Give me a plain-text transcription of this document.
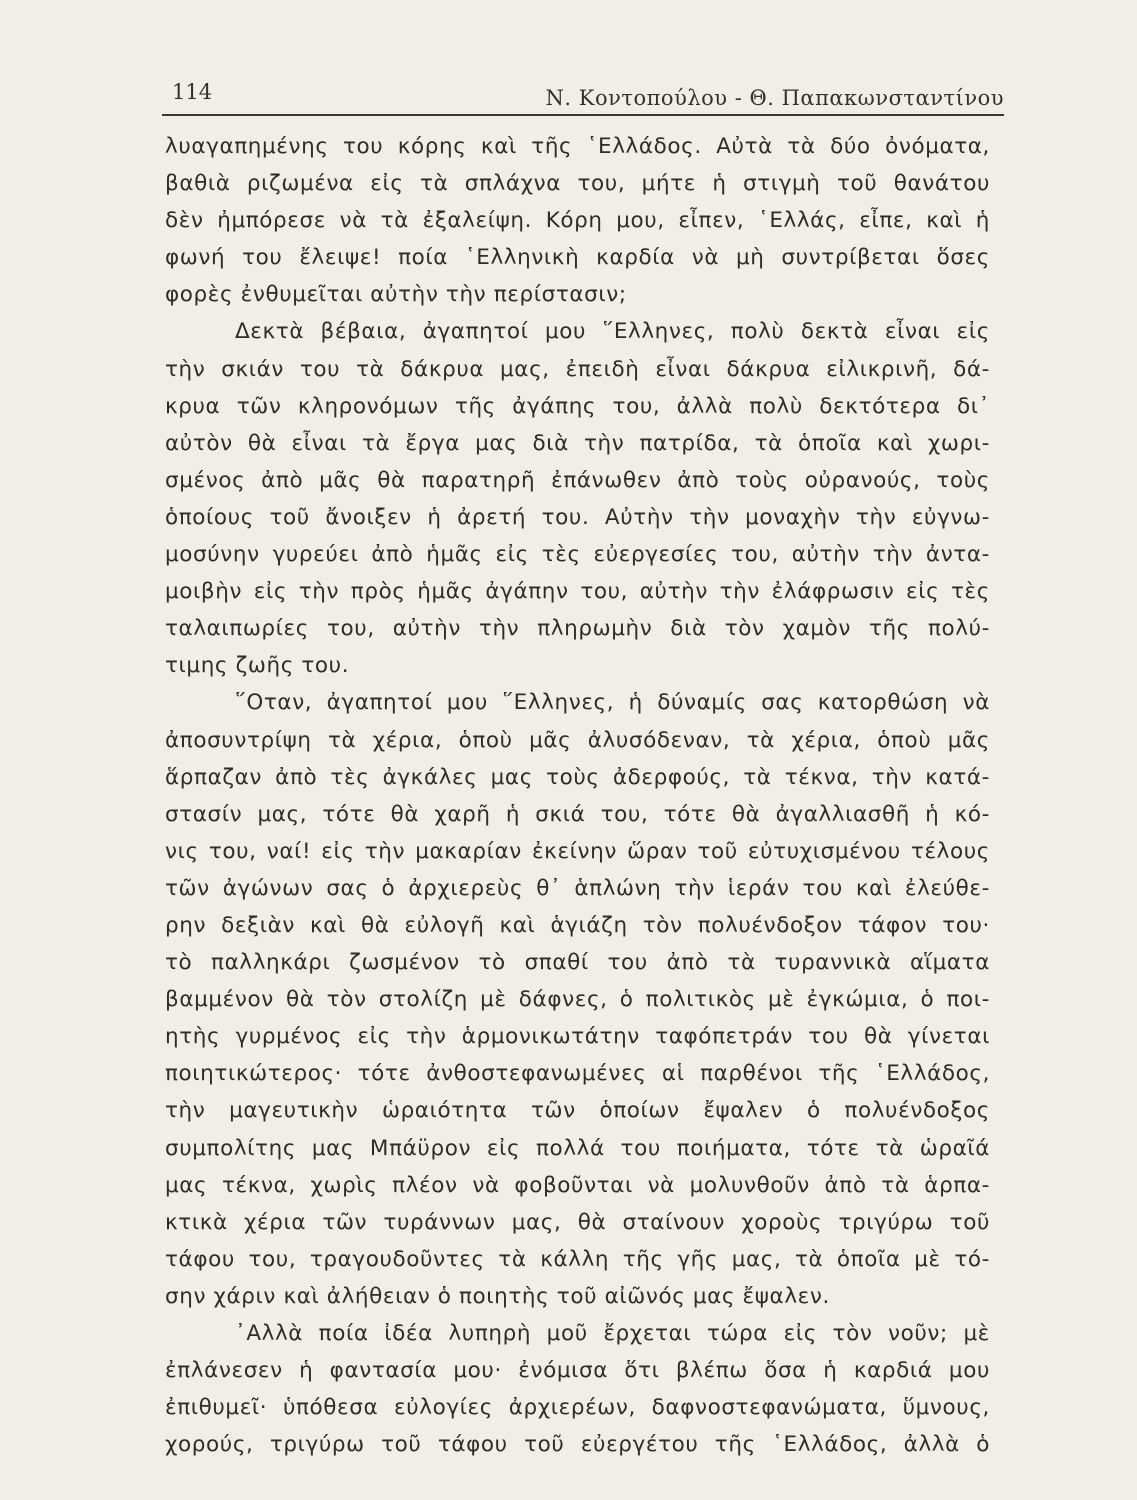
114	Ν. Κοντοπούλου - Θ. Παπακωνσταντίνου
λυαγαπημένης του κόρης καὶ τῆς ῾Ελλάδος. Αὐτὰ τὰ δύο ὀνόματα,
βαθιὰ ριζωμένα εἰς τὰ σπλάχνα του, μήτε ἡ στιγμὴ τοῦ θανάτου
δὲν ἠμπόρεσε νὰ τὰ ἐξαλείψη. Κόρη μου, εἶπεν, ῾Ελλάς, εἶπε, καὶ ἡ
φωνή του ἔλειψε! ποία ῾Ελληνικὴ καρδία νὰ μὴ συντρίβεται ὅσες
φορὲς ἐνθυμεῖται αὐτὴν τὴν περίστασιν;
Δεκτὰ βέβαια, ἀγαπητοί μου ῞Ελληνες, πολὺ δεκτὰ εἶναι εἰς
τὴν σκιάν του τὰ δάκρυα μας, ἐπειδὴ εἶναι δάκρυα εἰλικρινῆ, δά-
κρυα τῶν κληρονόμων τῆς ἀγάπης του, ἀλλὰ πολὺ δεκτότερα δι᾿
αὐτὸν θὰ εἶναι τὰ ἔργα μας διὰ τὴν πατρίδα, τὰ ὁποῖα καὶ χωρι-
σμένος ἀπὸ μᾶς θὰ παρατηρῆ ἐπάνωθεν ἀπὸ τοὺς οὐρανούς, τοὺς
ὁποίους τοῦ ἄνοιξεν ἡ ἀρετή του. Αὐτὴν τὴν μοναχὴν τὴν εὐγνω-
μοσύνην γυρεύει ἀπὸ ἡμᾶς εἰς τὲς εὐεργεσίες του, αὐτὴν τὴν ἀντα-
μοιβὴν εἰς τὴν πρὸς ἡμᾶς ἀγάπην του, αὐτὴν τὴν ἐλάφρωσιν εἰς τὲς
ταλαιπωρίες του, αὐτὴν τὴν πληρωμὴν διὰ τὸν χαμὸν τῆς πολύ-
τιμης ζωῆς του.
῞Οταν, ἀγαπητοί μου ῞Ελληνες, ἡ δύναμίς σας κατορθώση νὰ
ἀποσυντρίψη τὰ χέρια, ὁποὺ μᾶς ἀλυσόδεναν, τὰ χέρια, ὁποὺ μᾶς
ἅρπαζαν ἀπὸ τὲς ἀγκάλες μας τοὺς ἀδερφούς, τὰ τέκνα, τὴν κατά-
στασίν μας, τότε θὰ χαρῆ ἡ σκιά του, τότε θὰ ἀγαλλιασθῆ ἡ κό-
νις του, ναί! εἰς τὴν μακαρίαν ἐκείνην ὥραν τοῦ εὐτυχισμένου τέλους
τῶν ἀγώνων σας ὁ ἀρχιερεὺς θ᾿ ἁπλώνη τὴν ἱεράν του καὶ ἐλεύθε-
ρην δεξιὰν καὶ θὰ εὐλογῆ καὶ ἁγιάζη τὸν πολυένδοξον τάφον του·
τὸ παλληκάρι ζωσμένον τὸ σπαθί του ἀπὸ τὰ τυραννικὰ αἵματα
βαμμένον θὰ τὸν στολίζη μὲ δάφνες, ὁ πολιτικὸς μὲ ἐγκώμια, ὁ ποι-
ητὴς γυρμένος εἰς τὴν ἁρμονικωτάτην ταφόπετράν του θὰ γίνεται
ποιητικώτερος· τότε ἀνθοστεφανωμένες αἱ παρθένοι τῆς ῾Ελλάδος,
τὴν μαγευτικὴν ὡραιότητα τῶν ὁποίων ἔψαλεν ὁ πολυένδοξος
συμπολίτης μας Μπάϋρον εἰς πολλά του ποιήματα, τότε τὰ ὡραῖά
μας τέκνα, χωρὶς πλέον νὰ φοβοῦνται νὰ μολυνθοῦν ἀπὸ τὰ ἁρπα-
κτικὰ χέρια τῶν τυράννων μας, θὰ σταίνουν χοροὺς τριγύρω τοῦ
τάφου του, τραγουδοῦντες τὰ κάλλη τῆς γῆς μας, τὰ ὁποῖα μὲ τό-
σην χάριν καὶ ἀλήθειαν ὁ ποιητὴς τοῦ αἰῶνός μας ἔψαλεν.
᾿Αλλὰ ποία ἰδέα λυπηρὴ μοῦ ἔρχεται τώρα εἰς τὸν νοῦν; μὲ
ἐπλάνεσεν ἡ φαντασία μου· ἐνόμισα ὅτι βλέπω ὅσα ἡ καρδιά μου
ἐπιθυμεῖ· ὑπόθεσα εὐλογίες ἀρχιερέων, δαφνοστεφανώματα, ὕμνους,
χορούς, τριγύρω τοῦ τάφου τοῦ εὐεργέτου τῆς ῾Ελλάδος, ἀλλὰ ὁ
